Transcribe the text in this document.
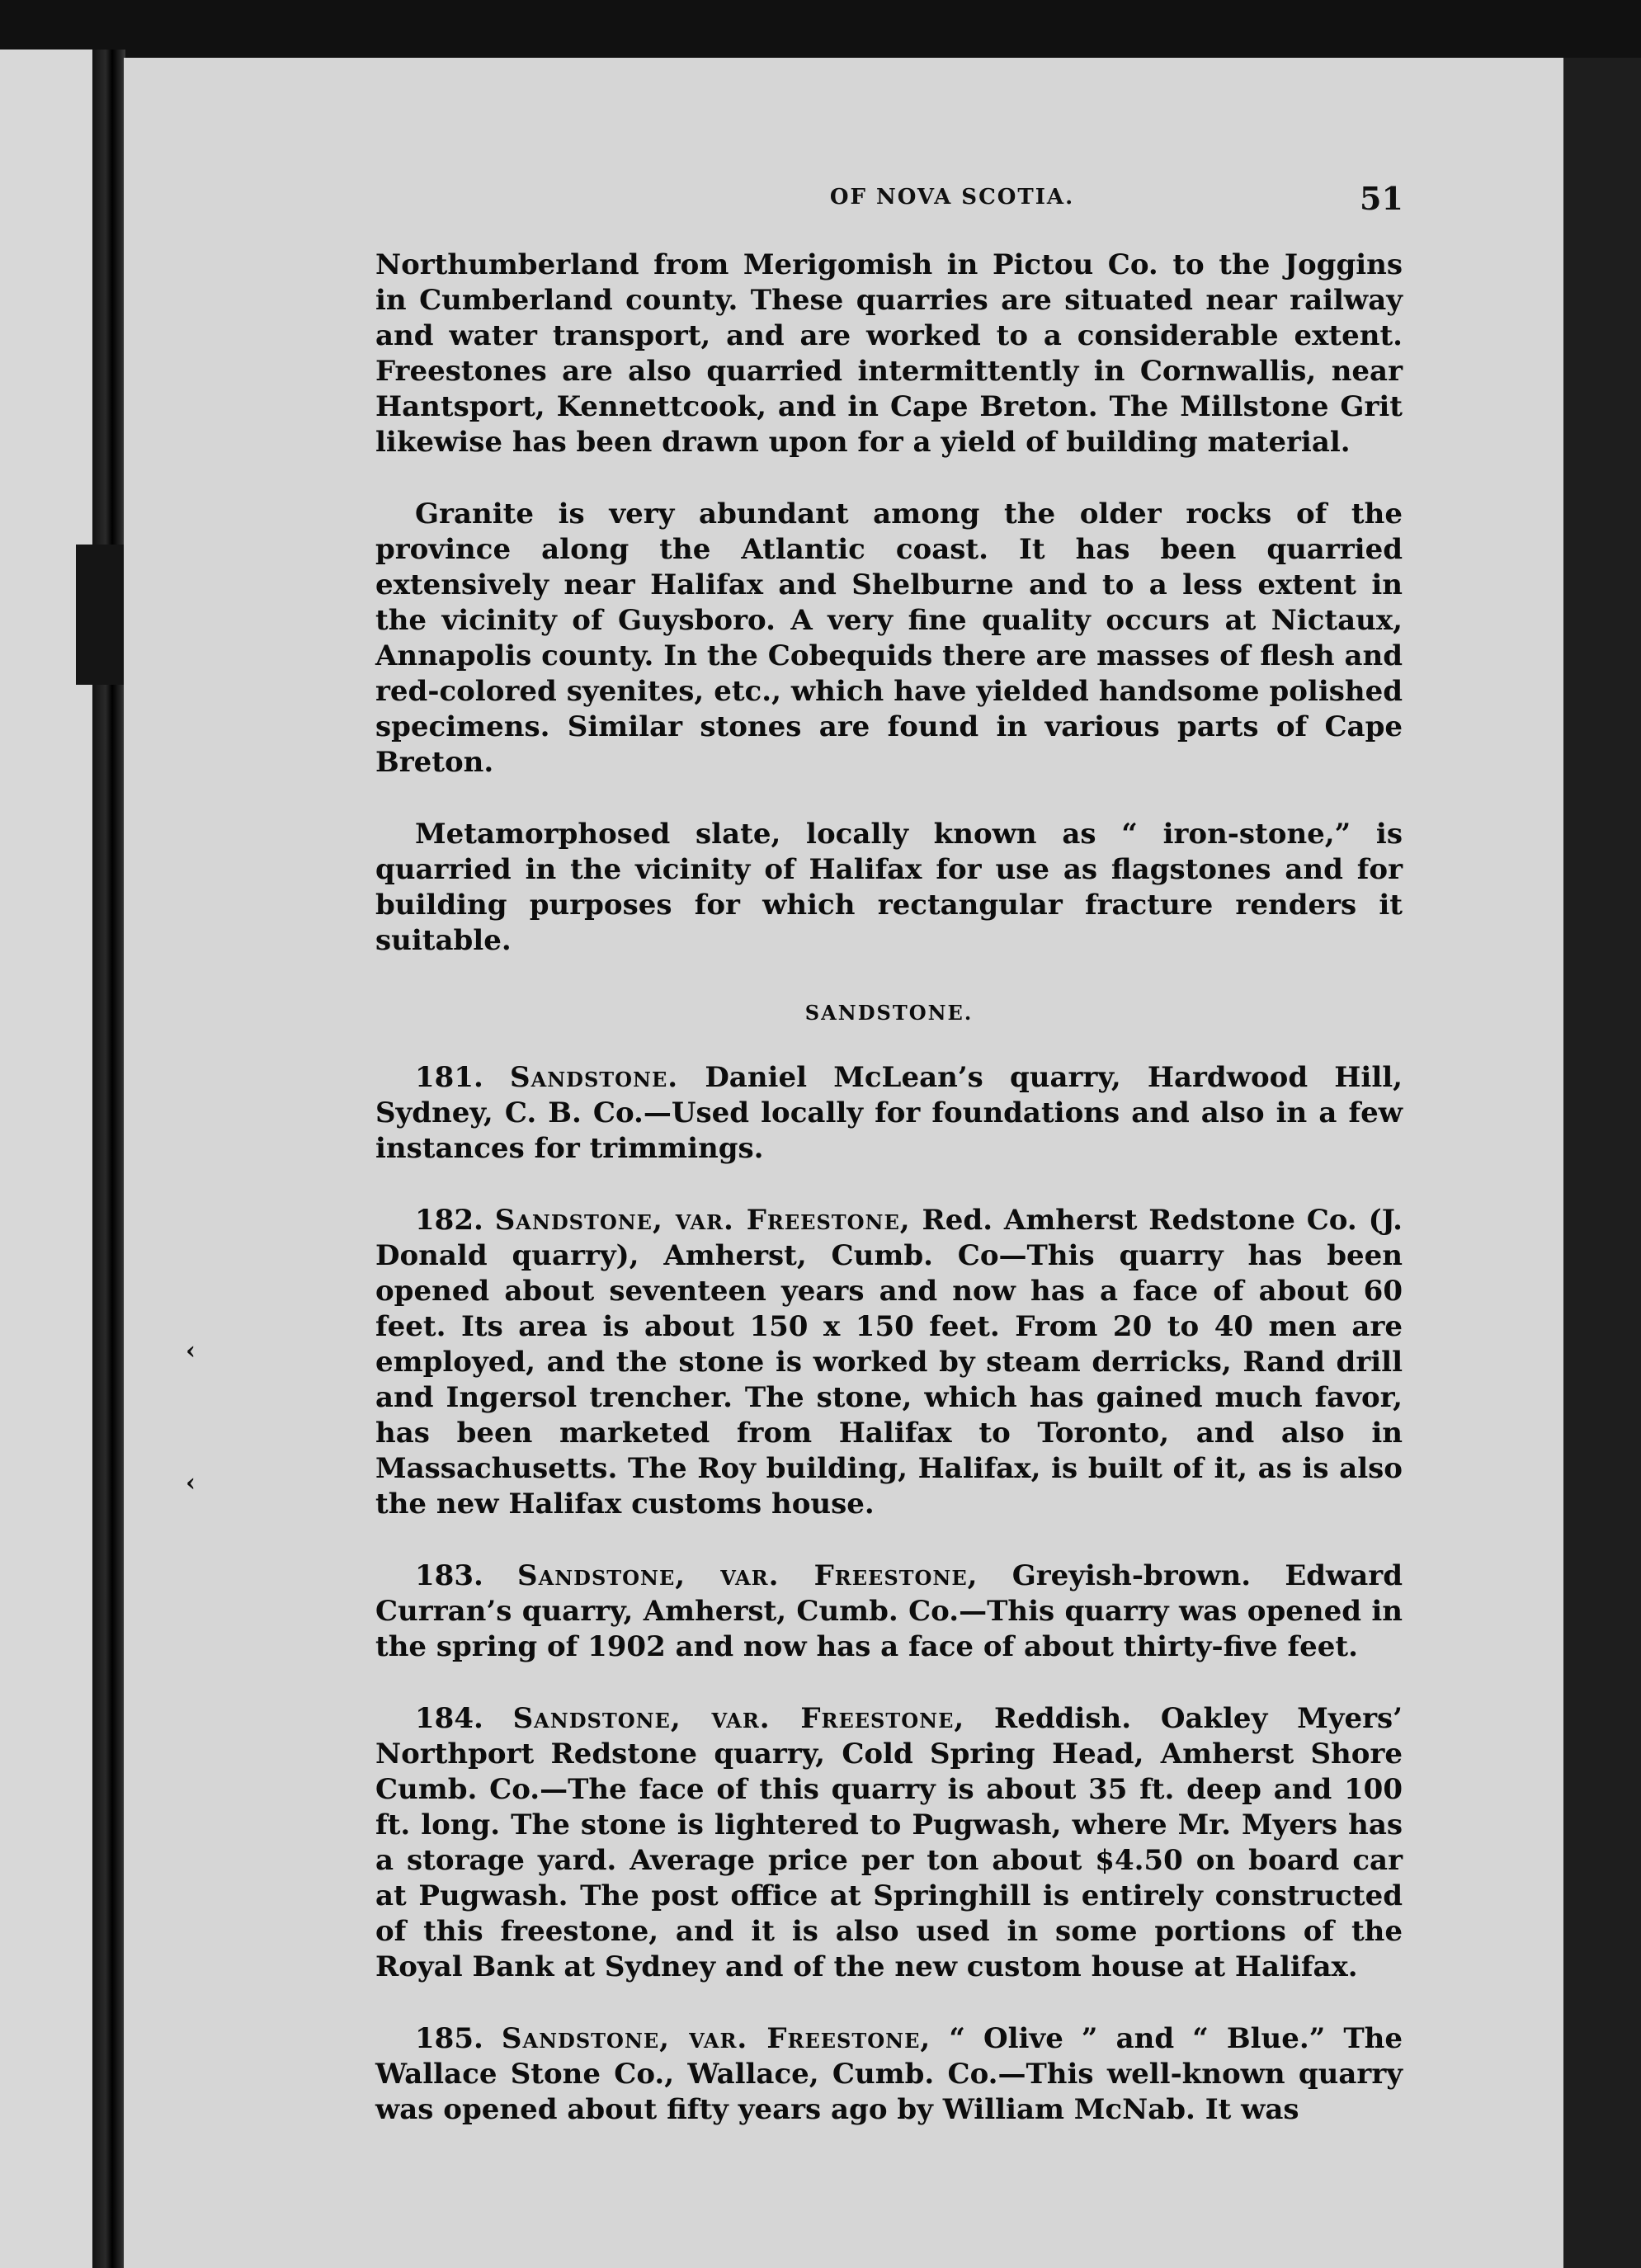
‹
‹
OF NOVA SCOTIA.	51

Northumberland from Merigomish in Pictou Co. to the Joggins in Cumberland county. These quarries are situated near railway and water transport, and are worked to a considerable extent. Freestones are also quarried intermittently in Cornwallis, near Hantsport, Kennettcook, and in Cape Breton. The Millstone Grit likewise has been drawn upon for a yield of building material.

Granite is very abundant among the older rocks of the province along the Atlantic coast. It has been quarried extensively near Halifax and Shelburne and to a less extent in the vicinity of Guysboro. A very fine quality occurs at Nictaux, Annapolis county. In the Cobequids there are masses of flesh and red-colored syenites, etc., which have yielded handsome polished specimens. Similar stones are found in various parts of Cape Breton.

Metamorphosed slate, locally known as “ iron-stone,” is quarried in the vicinity of Halifax for use as flagstones and for building purposes for which rectangular fracture renders it suitable.

SANDSTONE.

181. Sandstone. Daniel McLean’s quarry, Hardwood Hill, Sydney, C. B. Co.—Used locally for foundations and also in a few instances for trimmings.

182. Sandstone, var. Freestone, Red. Amherst Redstone Co. (J. Donald quarry), Amherst, Cumb. Co—This quarry has been opened about seventeen years and now has a face of about 60 feet. Its area is about 150 x 150 feet. From 20 to 40 men are employed, and the stone is worked by steam derricks, Rand drill and Ingersol trencher. The stone, which has gained much favor, has been marketed from Halifax to Toronto, and also in Massachusetts. The Roy building, Halifax, is built of it, as is also the new Halifax customs house.

183. Sandstone, var. Freestone, Greyish-brown. Edward Curran’s quarry, Amherst, Cumb. Co.—This quarry was opened in the spring of 1902 and now has a face of about thirty-five feet.

184. Sandstone, var. Freestone, Reddish. Oakley Myers’ Northport Redstone quarry, Cold Spring Head, Amherst Shore Cumb. Co.—The face of this quarry is about 35 ft. deep and 100 ft. long. The stone is lightered to Pugwash, where Mr. Myers has a storage yard. Average price per ton about $4.50 on board car at Pugwash. The post office at Springhill is entirely constructed of this freestone, and it is also used in some portions of the Royal Bank at Sydney and of the new custom house at Halifax.

185. Sandstone, var. Freestone, “ Olive ” and “ Blue.” The Wallace Stone Co., Wallace, Cumb. Co.—This well-known quarry was opened about fifty years ago by William McNab. It was
